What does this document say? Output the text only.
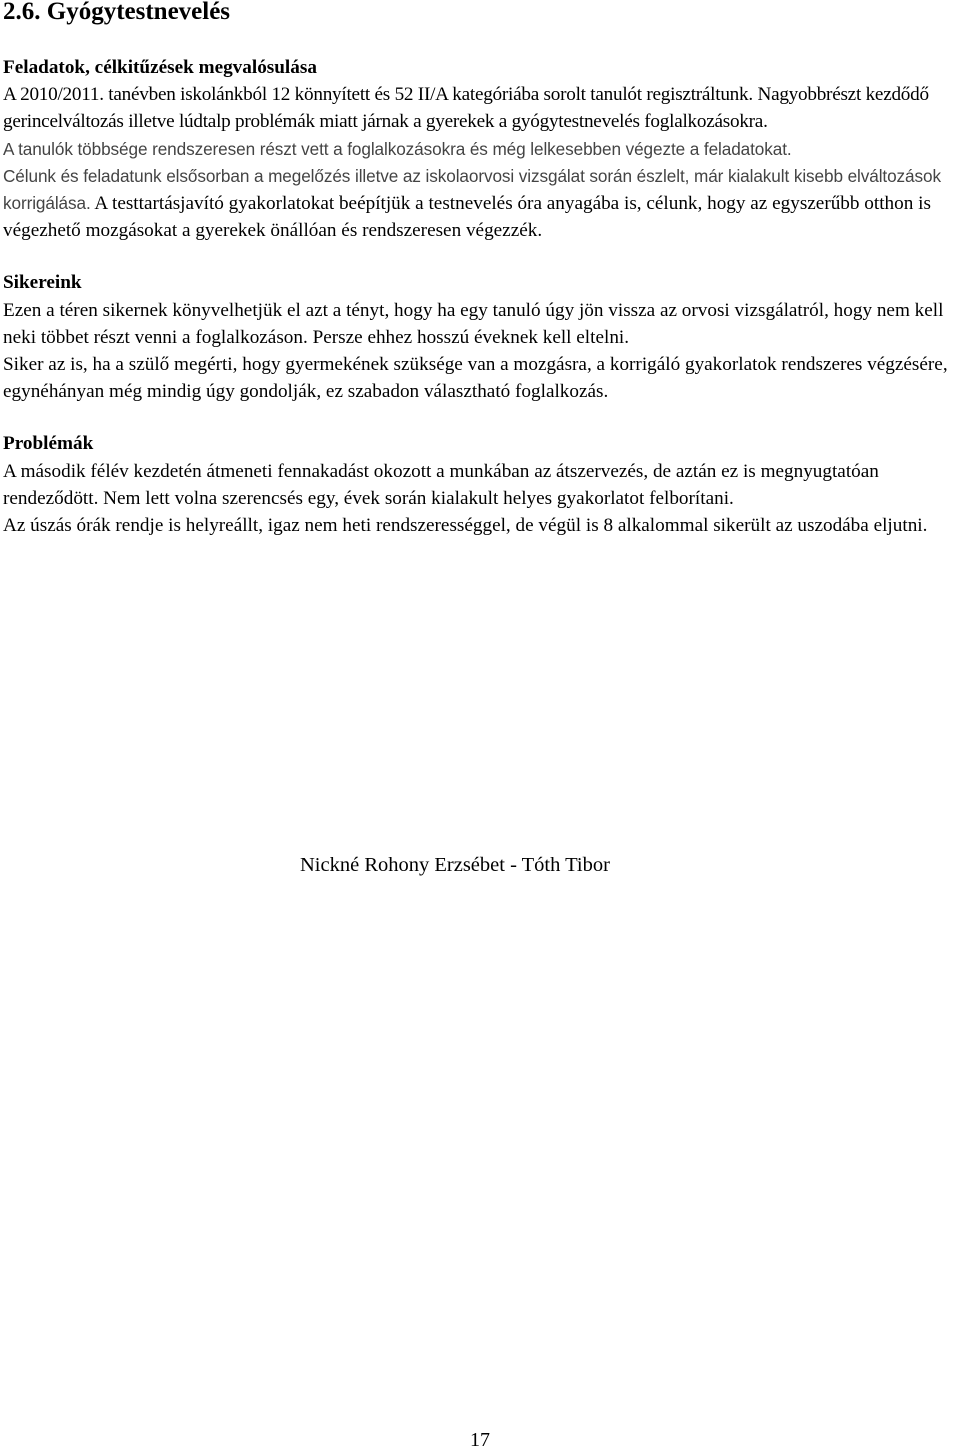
2.6. Gyógytestnevelés

Feladatok, célkitűzések megvalósulása

A 2010/2011. tanévben iskolánkból 12 könnyített és 52 II/A kategóriába sorolt tanulót regisztráltunk. Nagyobbrészt kezdődő gerincelváltozás illetve lúdtalp problémák miatt járnak a gyerekek a gyógytestnevelés foglalkozásokra.

A tanulók többsége rendszeresen részt vett a foglalkozásokra és még lelkesebben végezte a feladatokat.

Célunk és feladatunk elsősorban a megelőzés illetve az iskolaorvosi vizsgálat során észlelt, már kialakult kisebb elváltozások korrigálása. A testtartásjavító gyakorlatokat beépítjük a testnevelés óra anyagába is, célunk, hogy az egyszerűbb otthon is végezhető mozgásokat a gyerekek önállóan és rendszeresen végezzék.

Sikereink

Ezen a téren sikernek könyvelhetjük el azt a tényt, hogy ha egy tanuló úgy jön vissza az orvosi vizsgálatról, hogy nem kell neki többet részt venni a foglalkozáson. Persze ehhez hosszú éveknek kell eltelni.

Siker az is, ha a szülő megérti, hogy gyermekének szüksége van a mozgásra, a korrigáló gyakorlatok rendszeres végzésére, egynéhányan még mindig úgy gondolják, ez szabadon választható foglalkozás.

Problémák

A második félév kezdetén átmeneti fennakadást okozott a munkában az átszervezés, de aztán ez is megnyugtatóan rendeződött. Nem lett volna szerencsés egy, évek során kialakult helyes gyakorlatot felborítani.

Az úszás órák rendje is helyreállt, igaz nem heti rendszerességgel, de végül is 8 alkalommal sikerült az uszodába eljutni.

Nickné Rohony Erzsébet - Tóth Tibor
17
